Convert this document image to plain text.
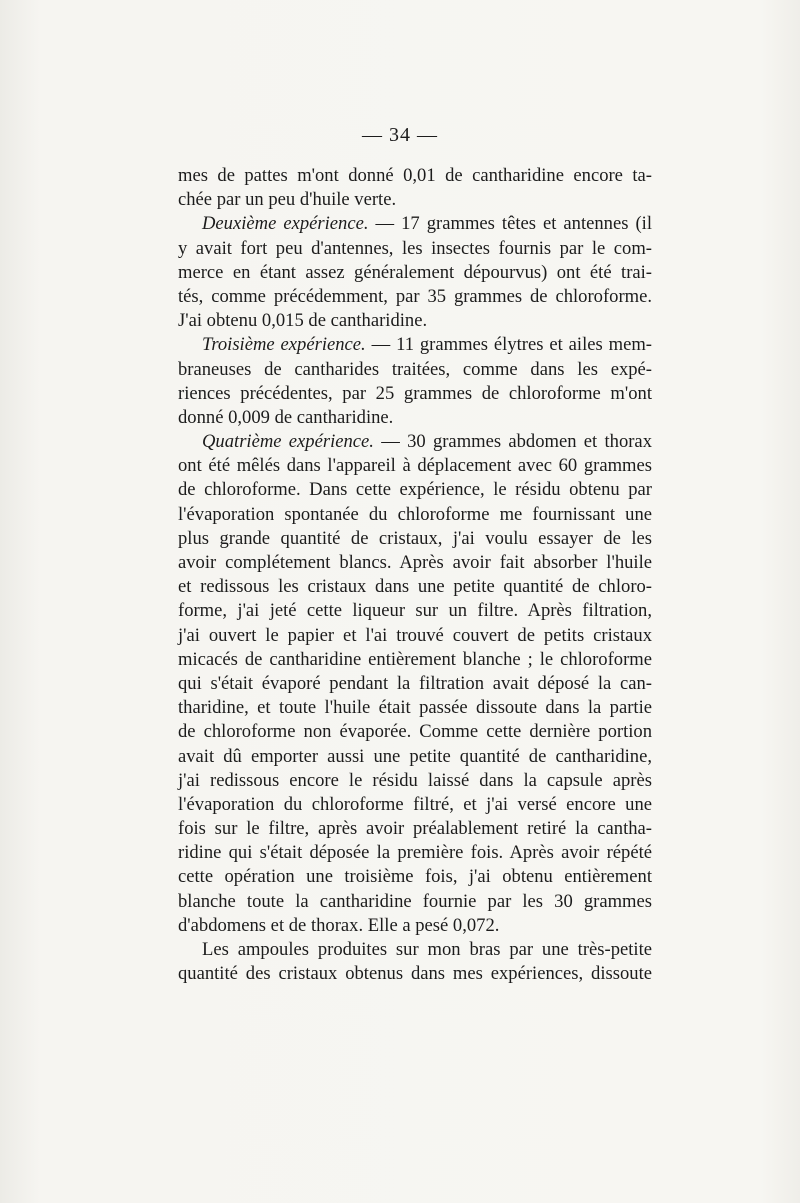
— 34 —
mes de pattes m'ont donné 0,01 de cantharidine encore ta-
chée par un peu d'huile verte.
Deuxième expérience. — 17 grammes têtes et antennes (il
y avait fort peu d'antennes, les insectes fournis par le com-
merce en étant assez généralement dépourvus) ont été trai-
tés, comme précédemment, par 35 grammes de chloroforme.
J'ai obtenu 0,015 de cantharidine.
Troisième expérience. — 11 grammes élytres et ailes mem-
braneuses de cantharides traitées, comme dans les expé-
riences précédentes, par 25 grammes de chloroforme m'ont
donné 0,009 de cantharidine.
Quatrième expérience. — 30 grammes abdomen et thorax
ont été mêlés dans l'appareil à déplacement avec 60 grammes
de chloroforme. Dans cette expérience, le résidu obtenu par
l'évaporation spontanée du chloroforme me fournissant une
plus grande quantité de cristaux, j'ai voulu essayer de les
avoir complétement blancs. Après avoir fait absorber l'huile
et redissous les cristaux dans une petite quantité de chloro-
forme, j'ai jeté cette liqueur sur un filtre. Après filtration,
j'ai ouvert le papier et l'ai trouvé couvert de petits cristaux
micacés de cantharidine entièrement blanche ; le chloroforme
qui s'était évaporé pendant la filtration avait déposé la can-
tharidine, et toute l'huile était passée dissoute dans la partie
de chloroforme non évaporée. Comme cette dernière portion
avait dû emporter aussi une petite quantité de cantharidine,
j'ai redissous encore le résidu laissé dans la capsule après
l'évaporation du chloroforme filtré, et j'ai versé encore une
fois sur le filtre, après avoir préalablement retiré la cantha-
ridine qui s'était déposée la première fois. Après avoir répété
cette opération une troisième fois, j'ai obtenu entièrement
blanche toute la cantharidine fournie par les 30 grammes
d'abdomens et de thorax. Elle a pesé 0,072.
Les ampoules produites sur mon bras par une très-petite
quantité des cristaux obtenus dans mes expériences, dissoute
